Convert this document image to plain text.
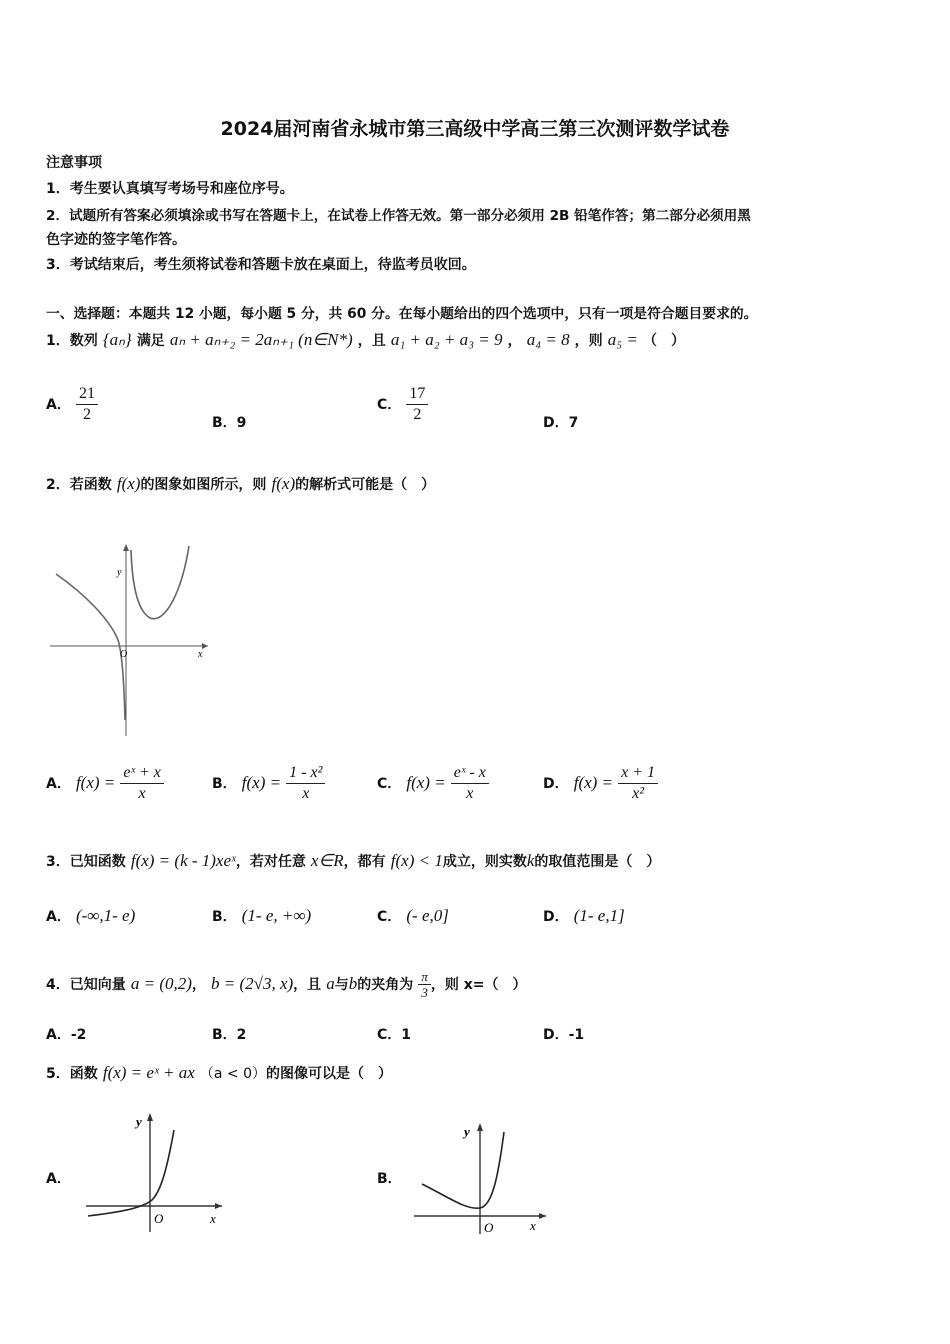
2024届河南省永城市第三高级中学高三第三次测评数学试卷
注意事项
1．考生要认真填写考场号和座位序号。
2．试题所有答案必须填涂或书写在答题卡上，在试卷上作答无效。第一部分必须用 2B 铅笔作答；第二部分必须用黑
色字迹的签字笔作答。
3．考试结束后，考生须将试卷和答题卡放在桌面上，待监考员收回。
一、选择题：本题共 12 小题，每小题 5 分，共 60 分。在每小题给出的四个选项中，只有一项是符合题目要求的。
1．数列 {aₙ} 满足 aₙ + aₙ₊₂ = 2aₙ₊₁ (n∈N*) ，且 a₁ + a₂ + a₃ = 9 ， a₄ = 8 ，则 a₅ = （　）
A． $\frac{21}{2}$	B．9
C． $\frac{17}{2}$	D．7
2．若函数 f(x)的图象如图所示，则 f(x)的解析式可能是（　）
y
O	x
A． $f(x) = \frac{\text{eˣ + x}}{x}$	B． $f(x) = \frac{\text{1 - x²}}{x}$	C． $f(x) = \frac{\text{eˣ - x}}{x}$	D． $f(x) = \frac{x + 1}{\text{x²}}$
3．已知函数 f(x) = (k - 1)xeˣ，若对任意 x∈R，都有 f(x) < 1成立，则实数k的取值范围是（　）
A． (-∞,1- e)	B． (1- e, +∞)	C． (- e,0]	D． (1- e,1]
4．已知向量 a = (0,2)， b = (2√3, x)，且 a与b的夹角为 $\frac{\pi}{3}$ ，则 x=（　）
A．-2	B．2	C．1	D．-1
5．函数 f(x) = eˣ + ax （a < 0）的图像可以是（　）
A．
y
O	x
B．
y
O	x
